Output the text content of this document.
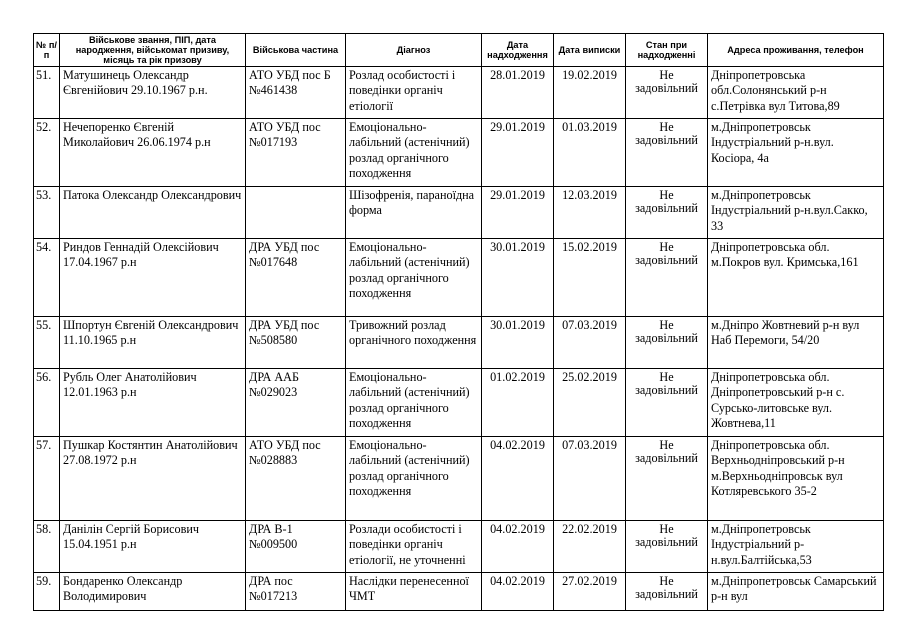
№ п/п	Військове звання, ПІП, дата народження, військомат призиву, місяць та рік призову	Військова частина	Діагноз	Дата надходження	Дата виписки	Стан при надходженні	Адреса проживання, телефон
51.	Матушинець Олександр Євгенійович 29.10.1967 р.н.	АТО УБД пос Б №461438	Розлад особистості і поведінки органіч етіології	28.01.2019	19.02.2019	Не задовільний	Дніпропетровська обл.Солонянський р-н с.Петрівка вул Титова,89
52.	Нечепоренко Євгеній Миколайович 26.06.1974 р.н	АТО УБД пос №017193	Емоціонально-лабільний (астенічний) розлад органічного походження	29.01.2019	01.03.2019	Не задовільний	м.Дніпропетровськ Індустріальний р-н.вул. Косіора, 4а
53.	Патока Олександр Олександрович		Шізофренія, параноїдна форма	29.01.2019	12.03.2019	Не задовільний	м.Дніпропетровськ Індустріальний р-н.вул.Сакко, 33
54.	Риндов Геннадій Олексійович 17.04.1967 р.н	ДРА УБД пос №017648	Емоціонально-лабільний (астенічний) розлад органічного походження	30.01.2019	15.02.2019	Не задовільний	Дніпропетровська обл. м.Покров вул. Кримська,161
55.	Шпортун Євгеній Олександрович 11.10.1965 р.н	ДРА УБД пос №508580	Тривожний розлад органічного походження	30.01.2019	07.03.2019	Не задовільний	м.Дніпро Жовтневий р-н вул Наб Перемоги, 54/20
56.	Рубль Олег Анатолійович 12.01.1963 р.н	ДРА ААБ №029023	Емоціонально-лабільний (астенічний) розлад органічного походження	01.02.2019	25.02.2019	Не задовільний	Дніпропетровська обл. Дніпропетровський р-н с. Сурсько-литовське вул. Жовтнева,11
57.	Пушкар Костянтин Анатолійович 27.08.1972 р.н	АТО УБД пос №028883	Емоціонально-лабільний (астенічний) розлад органічного походження	04.02.2019	07.03.2019	Не задовільний	Дніпропетровська обл. Верхньодніпровський р-н м.Верхньодніпровськ вул Котляревського 35-2
58.	Данілін Сергій Борисович 15.04.1951 р.н	ДРА В-1 №009500	Розлади особистості і поведінки органіч етіології, не уточненні	04.02.2019	22.02.2019	Не задовільний	м.Дніпропетровськ Індустріальний р-н.вул.Балтійська,53
59.	Бондаренко Олександр Володимирович	ДРА пос №017213	Наслідки перенесенної ЧМТ	04.02.2019	27.02.2019	Не задовільний	м.Дніпропетровськ Самарський р-н вул
